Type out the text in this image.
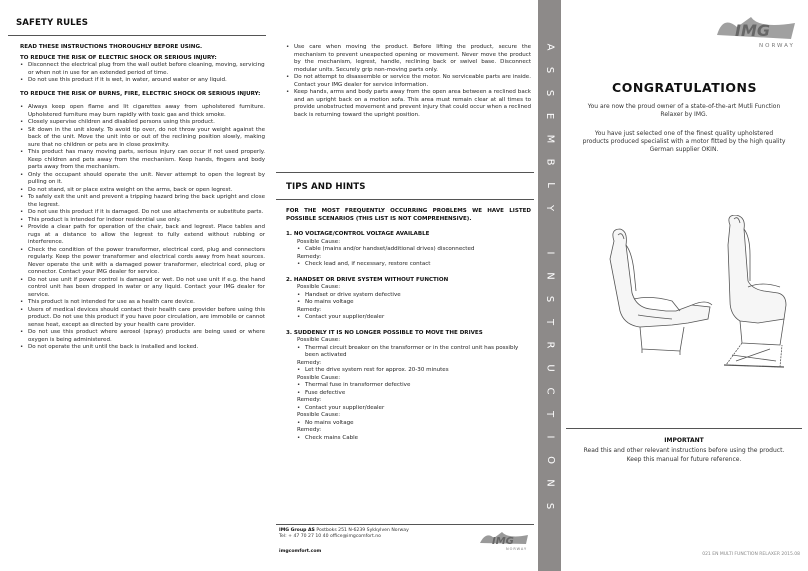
SAFETY RULES
READ THESE INSTRUCTIONS THOROUGHLY BEFORE USING.
TO REDUCE THE RISK OF ELECTRIC SHOCK OR SERIOUS INJURY:
• Disconnect the electrical plug from the wall outlet before cleaning, moving, servicing or when not in use for an extended period of time.
• Do not use this product if it is wet, in water, around water or any liquid.
TO REDUCE THE RISK OF BURNS, FIRE, ELECTRIC SHOCK OR SERIOUS INJURY:
• Always keep open flame and lit cigarettes away from upholstered furniture. Upholstered furniture may burn rapidly with toxic gas and thick smoke.
• Closely supervise children and disabled persons using this product.
• Sit down in the unit slowly. To avoid tip over, do not throw your weight against the back of the unit. Move the unit into or out of the reclining position slowly, making sure that no children or pets are in close proximity.
• This product has many moving parts, serious injury can occur if not used properly. Keep children and pets away from the mechanism. Keep hands, fingers and body parts away from the mechanism.
• Only the occupant should operate the unit. Never attempt to open the legrest by pulling on it.
• Do not stand, sit or place extra weight on the arms, back or open legrest.
• To safely exit the unit and prevent a tripping hazard bring the back upright and close the legrest.
• Do not use this product if it is damaged. Do not use attachments or substitute parts.
• This product is intended for indoor residential use only.
• Provide a clear path for operation of the chair, back and legrest. Place tables and rugs at a distance to allow the legrest to fully extend without rubbing or interference.
• Check the condition of the power transformer, electrical cord, plug and connectors regularly. Keep the power transformer and electrical cords away from heat sources. Never operate the unit with a damaged power transformer, electrical cord, plug or connector. Contact your IMG dealer for service.
• Do not use unit if power control is damaged or wet. Do not use unit if e.g. the hand control unit has been dropped in water or any liquid. Contact your IMG dealer for service.
• This product is not intended for use as a health care device.
• Users of medical devices should contact their health care provider before using this product. Do not use this product if you have poor circulation, are immobile or cannot sense heat, except as directed by your health care provider.
• Do not use this product where aerosol (spray) products are being used or where oxygen is being administered.
• Do not operate the unit until the back is installed and locked.
• Use care when moving the product. Before lifting the product, secure the mechanism to prevent unexpected opening or movement. Never move the product by the mechanism, legrest, handle, reclining back or swivel base. Disconnect modular units. Securely grip non-moving parts only.
• Do not attempt to disassemble or service the motor. No serviceable parts are inside. Contact your IMG dealer for service information.
• Keep hands, arms and body parts away from the open area between a reclined back and an upright back on a motion sofa. This area must remain clear at all times to provide unobstructed movement and prevent injury that could occur when a reclined back is returning toward the upright position.
TIPS AND HINTS
FOR THE MOST FREQUENTLY OCCURRING PROBLEMS WE HAVE LISTED POSSIBLE SCENARIOS (THIS LIST IS NOT COMPREHENSIVE).
1. NO VOLTAGE/CONTROL VOLTAGE AVAILABLE
Possible Cause:
• Cable (mains and/or handset/additional drives) disconnected
Remedy:
• Check lead and, if necessary, restore contact
2. HANDSET OR DRIVE SYSTEM WITHOUT FUNCTION
Possible Cause:
• Handset or drive system defective
• No mains voltage
Remedy:
• Contact your supplier/dealer
3. SUDDENLY IT IS NO LONGER POSSIBLE TO MOVE THE DRIVES
Possible Cause:
• Thermal circuit breaker on the transformer or in the control unit has possibly been activated
Remedy:
• Let the drive system rest for approx. 20-30 minutes
Possible Cause:
• Thermal fuse in transformer defective
• Fuse defective
Remedy:
• Contact your supplier/dealer
Possible Cause:
• No mains voltage
Remedy:
• Check mains Cable
IMG Group AS Postboks 251 N-6239 Sykkylven Norway
Tel: + 47 70 27 10 40 office@imgcomfort.no
imgcomfort.com
IMG
NORWAY
A
S
S
E
M
B
L
Y

I
N
S
T
R
U
C
T
I
O
N
S
IMG
NORWAY
CONGRATULATIONS
You are now the proud owner of a state-of-the-art Mutli Function Relaxer by IMG.
You have just selected one of the finest quality upholstered products produced specialist with a motor fitted by the high quality German supplier OKIN.
IMPORTANT
Read this and other relevant instructions before using the product. Keep this manual for future reference.
021 EN MULTI FUNCTION RELAXER 2015.08
